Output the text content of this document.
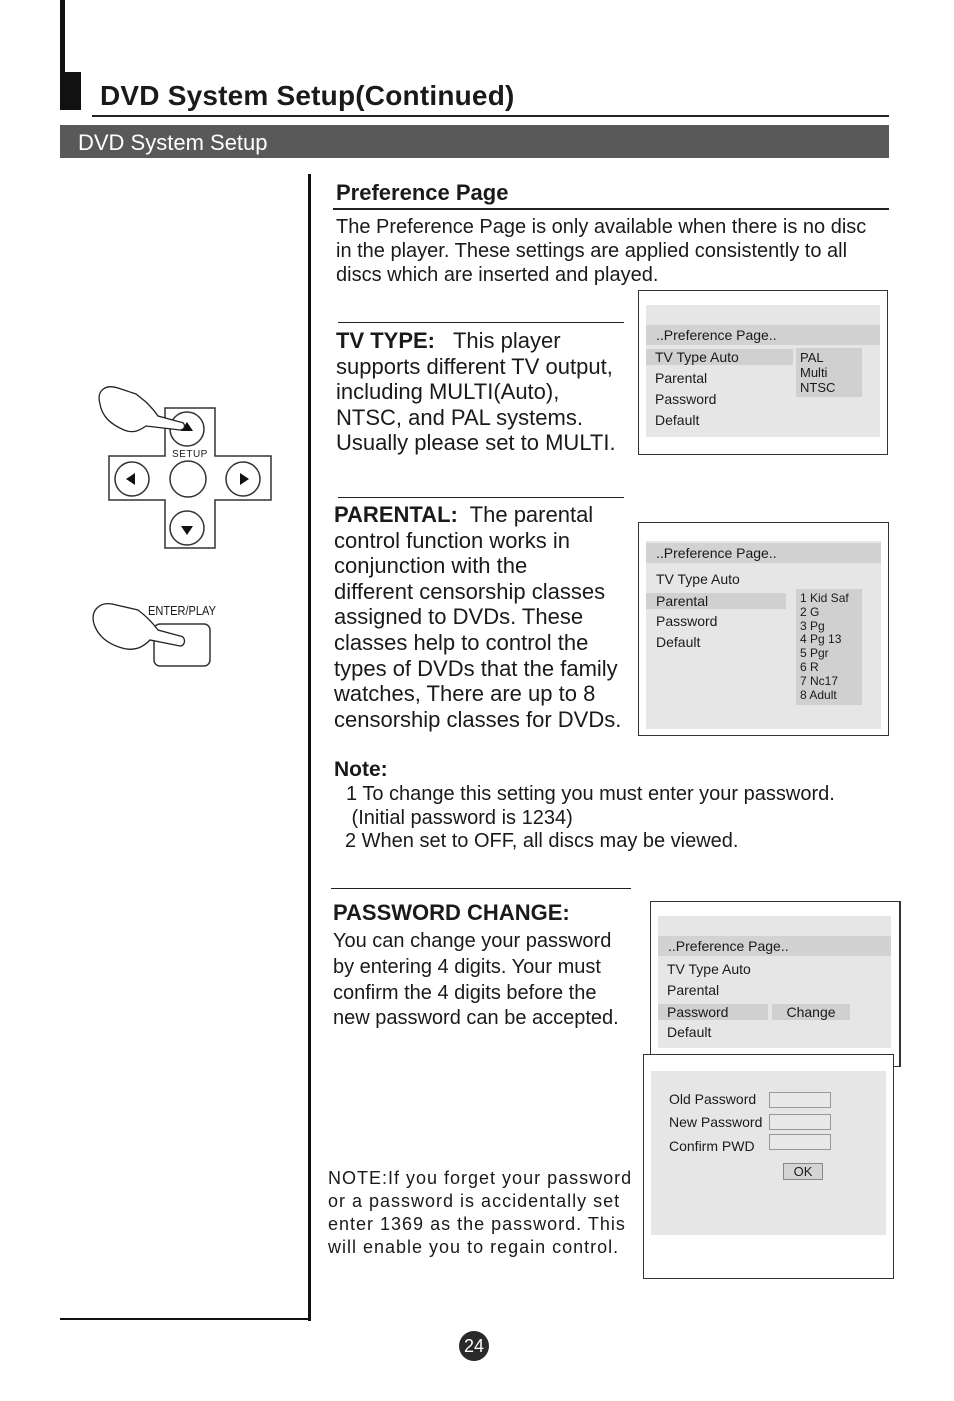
DVD System Setup(Continued)
DVD System Setup
SETUP
ENTER/PLAY
Preference Page
The Preference Page is only available when there is no disc
in the player. These settings are applied consistently to all
discs which are inserted and played.
TV TYPE: This player
supports different TV output,
including MULTI(Auto),
NTSC, and PAL systems.
Usually please set to MULTI.
..Preference Page..
TV Type Auto
Parental
Password
Default
PAL
Multi
NTSC
PARENTAL: The parental
control function works in
conjunction with the
different censorship classes
assigned to DVDs. These
classes help to control the
types of DVDs that the family
watches, There are up to 8
censorship classes for DVDs.
..Preference Page..
TV Type Auto
Parental
Password
Default
1 Kid Saf
2 G
3 Pg
4 Pg 13
5 Pgr
6 R
7 Nc17
8 Adult
Note:
1 To change this setting you must enter your password.
(Initial password is 1234)
2 When set to OFF, all discs may be viewed.
PASSWORD CHANGE:
You can change your password
by entering 4 digits. Your must
confirm the 4 digits before the
new password can be accepted.
..Preference Page..
TV Type Auto
Parental
Password	Change
Default
Old Password
New Password
Confirm PWD
OK
NOTE:If you forget your password
or a password is accidentally set
enter 1369 as the password. This
will enable you to regain control.
24
